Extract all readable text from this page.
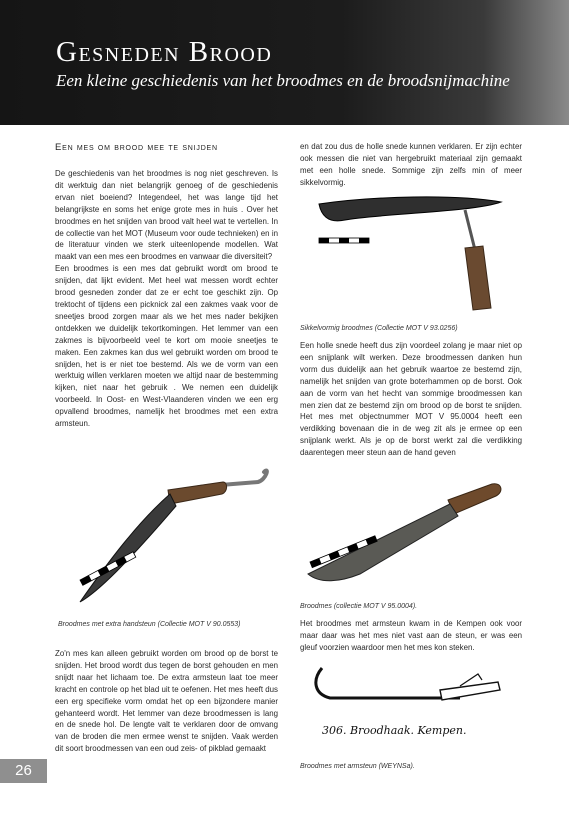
Gesneden Brood
Een kleine geschiedenis van het broodmes en de broodsnijmachine
Een mes om brood mee te snijden

De geschiedenis van het broodmes is nog niet geschreven. Is dit werktuig dan niet belangrijk genoeg of de geschiedenis ervan niet boeiend? Integendeel, het was lange tijd het belangrijkste en soms het enige grote mes in huis . Over het broodmes en het snijden van brood valt heel wat te vertellen. In de collectie van het MOT (Museum voor oude technieken) en in de literatuur vinden we sterk uiteenlopende modellen. Wat maakt van een mes een broodmes en vanwaar die diversiteit?

Een broodmes is een mes dat gebruikt wordt om brood te snijden, dat lijkt evident. Met heel wat messen wordt echter brood gesneden zonder dat ze er echt toe geschikt zijn. Op trektocht of tijdens een picknick zal een zakmes vaak voor de sneetjes brood zorgen maar als we het mes nader bekijken ontdekken we duidelijk tekortkomingen. Het lemmer van een zakmes is bijvoorbeeld veel te kort om mooie sneetjes te maken. Een zakmes kan dus wel gebruikt worden om brood te snijden, het is er niet toe bestemd. Als we de vorm van een werktuig willen verklaren moeten we altijd naar de bestemming kijken, niet naar het gebruik . We nemen een duidelijk voorbeeld. In Oost- en West-Vlaanderen vinden we een erg opvallend broodmes, namelijk het broodmes met een extra armsteun.

Broodmes met extra handsteun (Collectie MOT V 90.0553)

Zo'n mes kan alleen gebruikt worden om brood op de borst te snijden. Het brood wordt dus tegen de borst gehouden en men snijdt naar het lichaam toe. De extra armsteun laat toe meer kracht en controle op het blad uit te oefenen. Het mes heeft dus een erg specifieke vorm omdat het op een bijzondere manier gehanteerd wordt. Het lemmer van deze broodmessen is lang en de snede hol. De lengte valt te verklaren door de omvang van de broden die men ermee wenst te snijden. Vaak werden dit soort broodmessen van een oud zeis- of pikblad gemaakt

en dat zou dus de holle snede kunnen verklaren. Er zijn echter ook messen die niet van hergebruikt materiaal zijn gemaakt met een holle snede. Sommige zijn zelfs min of meer sikkelvormig.

Sikkelvormig broodmes (Collectie MOT V 93.0256)

Een holle snede heeft dus zijn voordeel zolang je maar niet op een snijplank wilt werken. Deze broodmessen danken hun vorm dus duidelijk aan het gebruik waartoe ze bestemd zijn, namelijk het snijden van grote boterhammen op de borst. Ook aan de vorm van het hecht van sommige broodmessen kan men zien dat ze bestemd zijn om brood op de borst te snijden. Het mes met objectnummer MOT V 95.0004 heeft een verdikking bovenaan die in de weg zit als je ermee op een snijplank werkt. Als je op de borst werkt zal die verdikking daarentegen meer steun aan de hand geven

Broodmes (collectie MOT V 95.0004).

Het broodmes met armsteun kwam in de Kempen ook voor maar daar was het mes niet vast aan de steun, er was een gleuf voorzien waardoor men het mes kon steken.

306. Broodhaak. Kempen.
Broodmes met armsteun (WEYNSa).
26
